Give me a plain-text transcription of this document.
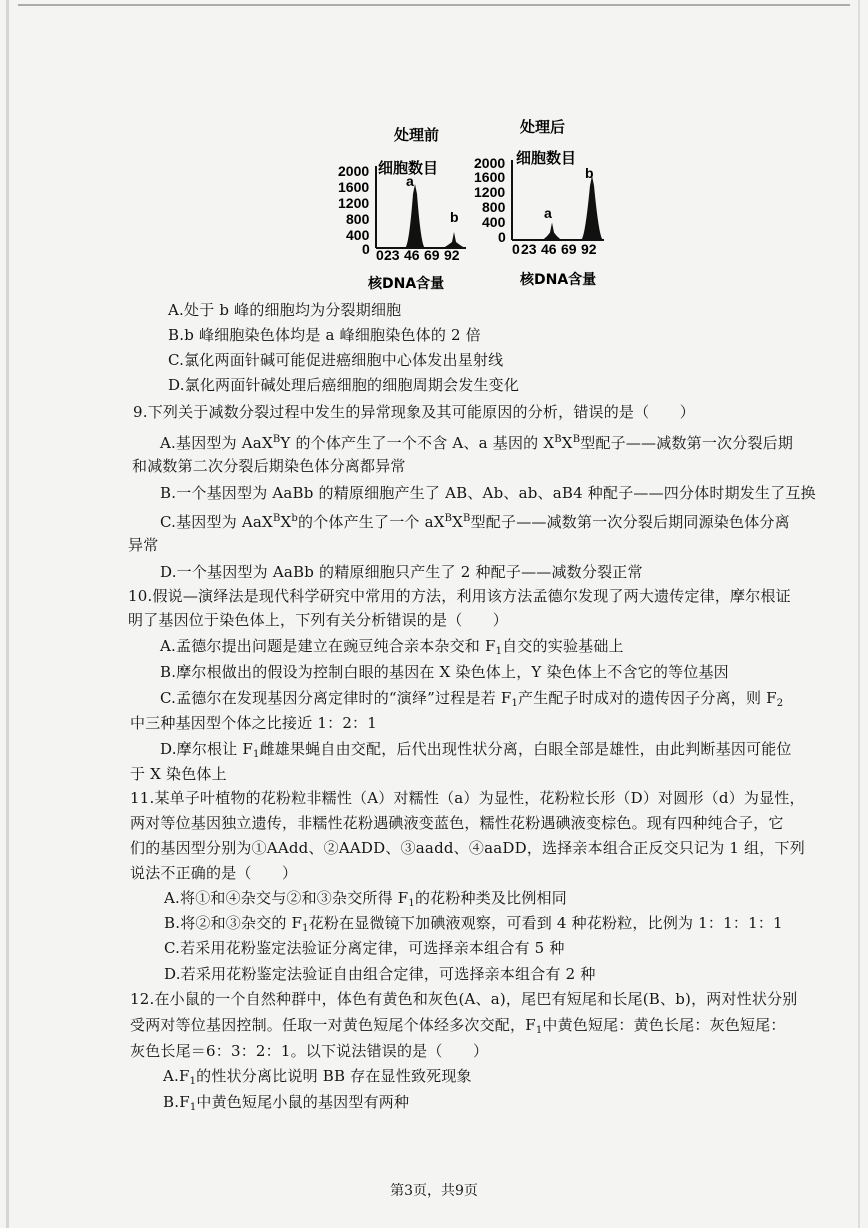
处理前
细胞数目
2000
1600
1200
800
400
0
a
b
0 23 46 69 92
核DNA含量
处理后
细胞数目
2000
1600
1200
800
400
0
a
b
0 23 46 69 92
核DNA含量
A.处于 b 峰的细胞均为分裂期细胞
B.b 峰细胞染色体均是 a 峰细胞染色体的 2 倍
C.氯化两面针碱可能促进癌细胞中心体发出星射线
D.氯化两面针碱处理后癌细胞的细胞周期会发生变化
9.下列关于减数分裂过程中发生的异常现象及其可能原因的分析，错误的是（　　）
A.基因型为 AaX$^B$Y 的个体产生了一个不含 A、a 基因的 $X^BX^B$型配子——减数第一次分裂后期
和减数第二次分裂后期染色体分离都异常
B.一个基因型为 AaBb 的精原细胞产生了 AB、Ab、ab、aB4 种配子——四分体时期发生了互换
C.基因型为 $AaX^BX^b$的个体产生了一个 $aX^BX^B$型配子——减数第一次分裂后期同源染色体分离
异常
D.一个基因型为 AaBb 的精原细胞只产生了 2 种配子——减数分裂正常
10.假说—演绎法是现代科学研究中常用的方法，利用该方法孟德尔发现了两大遗传定律，摩尔根证
明了基因位于染色体上，下列有关分析错误的是（　　）
A.孟德尔提出问题是建立在豌豆纯合亲本杂交和 $F_1$自交的实验基础上
B.摩尔根做出的假设为控制白眼的基因在 X 染色体上，Y 染色体上不含它的等位基因
C.孟德尔在发现基因分离定律时的“演绎”过程是若 $F_1$产生配子时成对的遗传因子分离，则 $F_2$
中三种基因型个体之比接近 1：2：1
D.摩尔根让 $F_1$雌雄果蝇自由交配，后代出现性状分离，白眼全部是雄性，由此判断基因可能位
于 X 染色体上
11.某单子叶植物的花粉粒非糯性（A）对糯性（a）为显性，花粉粒长形（D）对圆形（d）为显性，
两对等位基因独立遗传，非糯性花粉遇碘液变蓝色，糯性花粉遇碘液变棕色。现有四种纯合子，它
们的基因型分别为①AAdd、②AADD、③aadd、④aaDD，选择亲本组合正反交只记为 1 组，下列
说法不正确的是（　　）
A.将①和④杂交与②和③杂交所得 $F_1$的花粉种类及比例相同
B.将②和③杂交的 $F_1$花粉在显微镜下加碘液观察，可看到 4 种花粉粒，比例为 1：1：1：1
C.若采用花粉鉴定法验证分离定律，可选择亲本组合有 5 种
D.若采用花粉鉴定法验证自由组合定律，可选择亲本组合有 2 种
12.在小鼠的一个自然种群中，体色有黄色和灰色(A、a)，尾巴有短尾和长尾(B、b)，两对性状分别
受两对等位基因控制。任取一对黄色短尾个体经多次交配，$F_1$中黄色短尾：黄色长尾：灰色短尾：
灰色长尾＝6：3：2：1。以下说法错误的是（　　）
$A.F_1$的性状分离比说明 BB 存在显性致死现象
$B.F_1$中黄色短尾小鼠的基因型有两种
第3页，共9页
